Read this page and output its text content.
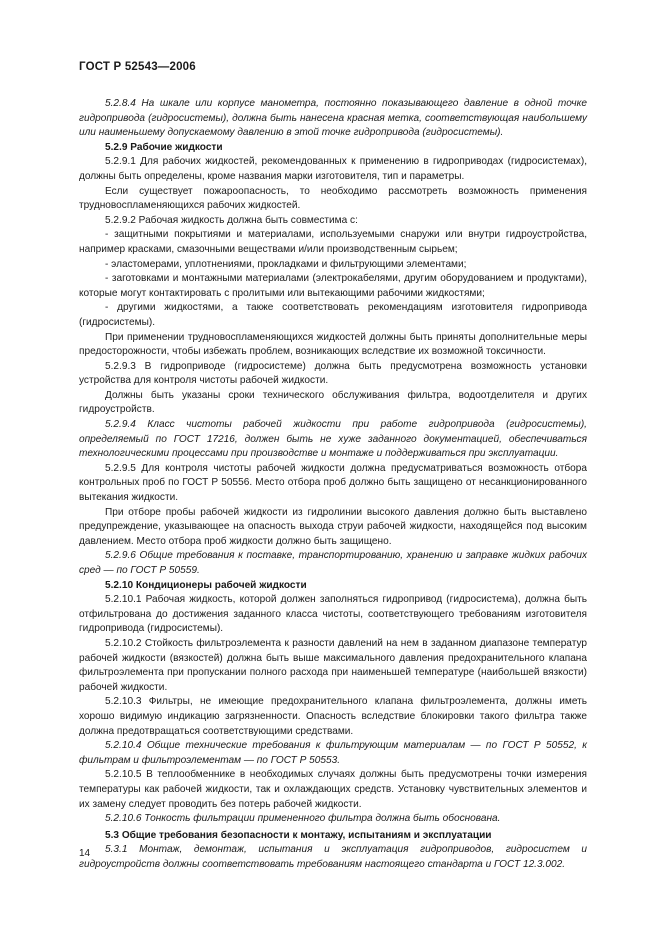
ГОСТ Р 52543—2006

5.2.8.4 На шкале или корпусе манометра, постоянно показывающего давление в одной точке гидропривода (гидросистемы), должна быть нанесена красная метка, соответствующая наибольшему или наименьшему допускаемому давлению в этой точке гидропривода (гидросистемы).

5.2.9 Рабочие жидкости

5.2.9.1 Для рабочих жидкостей, рекомендованных к применению в гидроприводах (гидросистемах), должны быть определены, кроме названия марки изготовителя, тип и параметры.

Если существует пожароопасность, то необходимо рассмотреть возможность применения трудновоспламеняющихся рабочих жидкостей.

5.2.9.2 Рабочая жидкость должна быть совместима с:

- защитными покрытиями и материалами, используемыми снаружи или внутри гидроустройства, например красками, смазочными веществами и/или производственным сырьем;

- эластомерами, уплотнениями, прокладками и фильтрующими элементами;

- заготовками и монтажными материалами (электрокабелями, другим оборудованием и продуктами), которые могут контактировать с пролитыми или вытекающими рабочими жидкостями;

- другими жидкостями, а также соответствовать рекомендациям изготовителя гидропривода (гидросистемы).

При применении трудновоспламеняющихся жидкостей должны быть приняты дополнительные меры предосторожности, чтобы избежать проблем, возникающих вследствие их возможной токсичности.

5.2.9.3 В гидроприводе (гидросистеме) должна быть предусмотрена возможность установки устройства для контроля чистоты рабочей жидкости.

Должны быть указаны сроки технического обслуживания фильтра, водоотделителя и других гидроустройств.

5.2.9.4 Класс чистоты рабочей жидкости при работе гидропривода (гидросистемы), определяемый по ГОСТ 17216, должен быть не хуже заданного документацией, обеспечиваться технологическими процессами при производстве и монтаже и поддерживаться при эксплуатации.

5.2.9.5 Для контроля чистоты рабочей жидкости должна предусматриваться возможность отбора контрольных проб по ГОСТ Р 50556. Место отбора проб должно быть защищено от несанкционированного вытекания жидкости.

При отборе пробы рабочей жидкости из гидролинии высокого давления должно быть выставлено предупреждение, указывающее на опасность выхода струи рабочей жидкости, находящейся под высоким давлением. Место отбора проб жидкости должно быть защищено.

5.2.9.6 Общие требования к поставке, транспортированию, хранению и заправке жидких рабочих сред — по ГОСТ Р 50559.

5.2.10 Кондиционеры рабочей жидкости

5.2.10.1 Рабочая жидкость, которой должен заполняться гидропривод (гидросистема), должна быть отфильтрована до достижения заданного класса чистоты, соответствующего требованиям изготовителя гидропривода (гидросистемы).

5.2.10.2 Стойкость фильтроэлемента к разности давлений на нем в заданном диапазоне температур рабочей жидкости (вязкостей) должна быть выше максимального давления предохранительного клапана фильтроэлемента при пропускании полного расхода при наименьшей температуре (наибольшей вязкости) рабочей жидкости.

5.2.10.3 Фильтры, не имеющие предохранительного клапана фильтроэлемента, должны иметь хорошо видимую индикацию загрязненности. Опасность вследствие блокировки такого фильтра также должна предотвращаться соответствующими средствами.

5.2.10.4 Общие технические требования к фильтрующим материалам — по ГОСТ Р 50552, к фильтрам и фильтроэлементам — по ГОСТ Р 50553.

5.2.10.5 В теплообменнике в необходимых случаях должны быть предусмотрены точки измерения температуры как рабочей жидкости, так и охлаждающих средств. Установку чувствительных элементов и их замену следует проводить без потерь рабочей жидкости.

5.2.10.6 Тонкость фильтрации примененного фильтра должна быть обоснована.

5.3 Общие требования безопасности к монтажу, испытаниям и эксплуатации

5.3.1 Монтаж, демонтаж, испытания и эксплуатация гидроприводов, гидросистем и гидроустройств должны соответствовать требованиям настоящего стандарта и ГОСТ 12.3.002.

14
